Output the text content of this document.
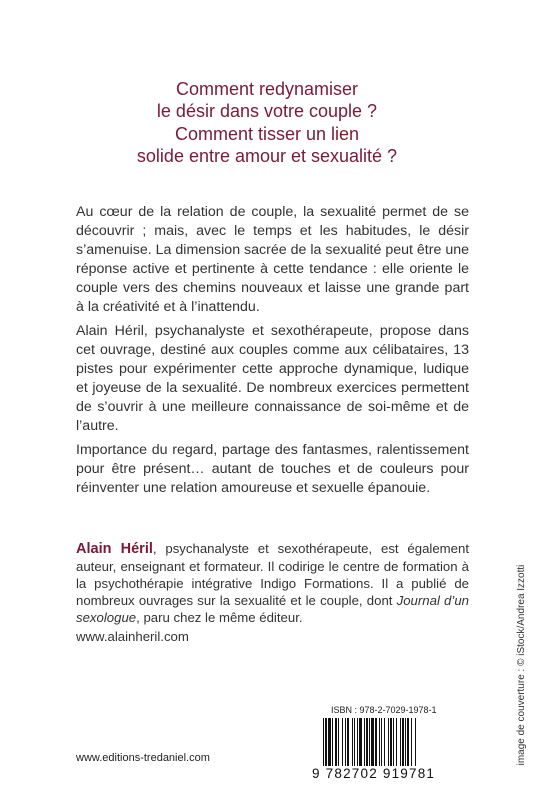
Comment redynamiser
le désir dans votre couple ?
Comment tisser un lien
solide entre amour et sexualité ?
Au cœur de la relation de couple, la sexualité permet de se découvrir ; mais, avec le temps et les habitudes, le désir s’amenuise. La dimension sacrée de la sexualité peut être une réponse active et pertinente à cette tendance : elle oriente le couple vers des chemins nouveaux et laisse une grande part à la créativité et à l’inattendu.
Alain Héril, psychanalyste et sexothérapeute, propose dans cet ouvrage, destiné aux couples comme aux célibataires, 13 pistes pour expérimenter cette approche dynamique, ludique et joyeuse de la sexualité. De nombreux exercices permettent de s’ouvrir à une meilleure connaissance de soi-même et de l’autre.
Importance du regard, partage des fantasmes, ralentissement pour être présent… autant de touches et de couleurs pour réinventer une relation amoureuse et sexuelle épanouie.
Alain Héril, psychanalyste et sexothérapeute, est également auteur, enseignant et formateur. Il codirige le centre de formation à la psychothérapie intégrative Indigo Formations. Il a publié de nombreux ouvrages sur la sexualité et le couple, dont Journal d’un sexologue, paru chez le même éditeur.
www.alainheril.com	image de couverture : © iStock/Andrea Izzotti
ISBN : 978-2-7029-1978-1
9 782702 919781
www.editions-tredaniel.com
